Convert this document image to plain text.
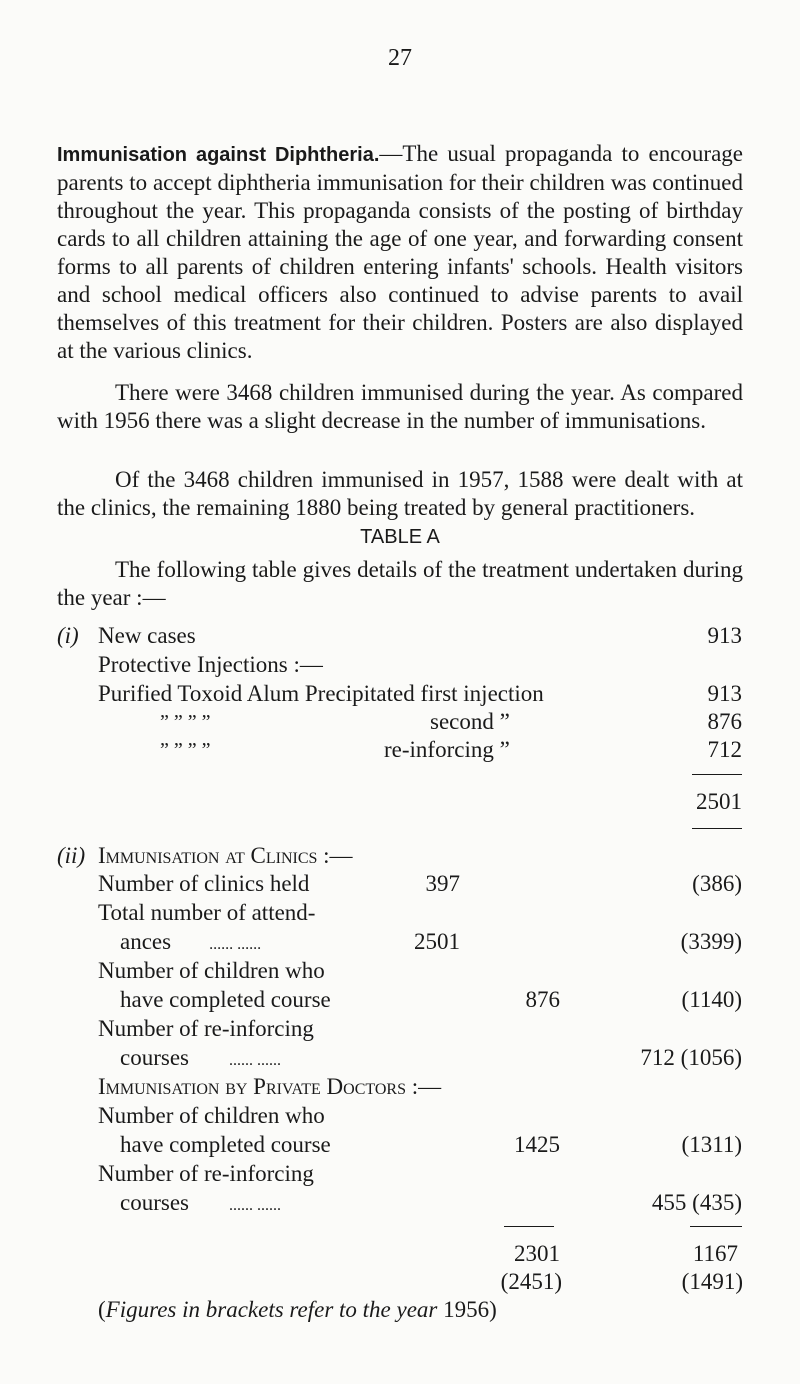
27

Immunisation against Diphtheria.—The usual propaganda to encourage parents to accept diphtheria immunisation for their children was continued throughout the year. This propaganda consists of the posting of birthday cards to all children attaining the age of one year, and forwarding consent forms to all parents of children entering infants' schools. Health visitors and school medical officers also continued to advise parents to avail themselves of this treatment for their children. Posters are also displayed at the various clinics.

There were 3468 children immunised during the year. As compared with 1956 there was a slight decrease in the number of immunisations.

Of the 3468 children immunised in 1957, 1588 were dealt with at the clinics, the remaining 1880 being treated by general practitioners.

TABLE A

The following table gives details of the treatment undertaken during the year :—

(i) New cases	913
Protective Injections :—
Purified Toxoid Alum Precipitated first injection	913
” ” ” ”	second ”	876
” ” ” ”	re-inforcing ”	712
2501
(ii) Immunisation at Clinics :—
Number of clinics held	397	(386)
Total number of attend-
ances ...... ......	2501	(3399)
Number of children who
have completed course	876	(1140)
Number of re-inforcing
courses	...... ......	712 (1056)
Immunisation by Private Doctors :—
Number of children who
have completed course	1425	(1311)
Number of re-inforcing
courses	...... ......	455 (435)
2301	1167
(2451)	(1491)
(Figures in brackets refer to the year 1956)
